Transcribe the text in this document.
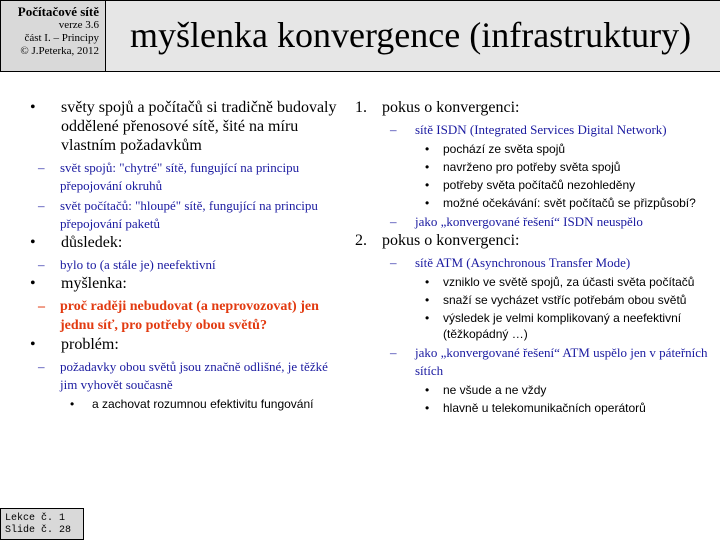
Počítačové sítě
verze 3.6
část I. – Principy
© J.Peterka, 2012 myšlenka konvergence (infrastruktury)
• světy spojů a počítačů si tradičně budovaly oddělené přenosové sítě, šité na míru vlastním požadavkům
– svět spojů: "chytré" sítě, fungující na principu přepojování okruhů
– svět počítačů: "hloupé" sítě, fungující na principu přepojování paketů
• důsledek:
– bylo to (a stále je) neefektivní
• myšlenka:
– proč raději nebudovat (a neprovozovat) jen jednu síť, pro potřeby obou světů?
• problém:
– požadavky obou světů jsou značně odlišné, je těžké jim vyhovět současně
• a zachovat rozumnou efektivitu fungování
1. pokus o konvergenci:
– sítě ISDN (Integrated Services Digital Network)
• pochází ze světa spojů
• navrženo pro potřeby světa spojů
• potřeby světa počítačů nezohleděny
• možné očekávání: svět počítačů se přizpůsobí?
– jako „konvergované řešení“ ISDN neuspělo
2. pokus o konvergenci:
– sítě ATM (Asynchronous Transfer Mode)
• vzniklo ve světě spojů, za účasti světa počítačů
• snaží se vycházet vstříc potřebám obou světů
• výsledek je velmi komplikovaný a neefektivní (těžkopádný …)
– jako „konvergované řešení“ ATM uspělo jen v páteřních sítích
• ne všude a ne vždy
• hlavně u telekomunikačních operátorů
Lekce č. 1
Slide č. 28
